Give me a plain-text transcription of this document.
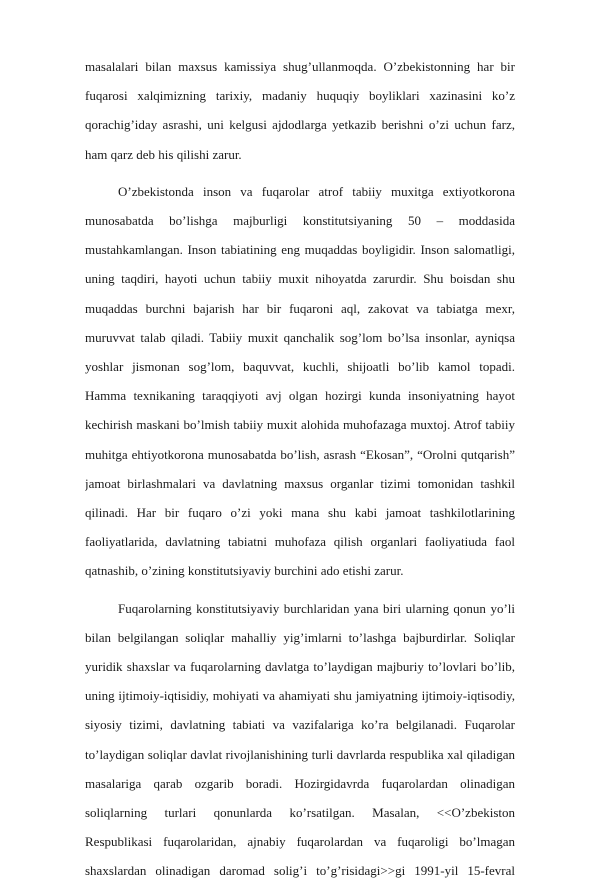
masalalari bilan maxsus kamissiya shug’ullanmoqda. O’zbekistonning har bir
fuqarosi xalqimizning tarixiy, madaniy huquqiy boyliklari xazinasini ko’z
qorachig’iday asrashi, uni kelgusi ajdodlarga yetkazib berishni o’zi uchun farz,
ham qarz deb his qilishi zarur.
O’zbekistonda inson va fuqarolar atrof tabiiy muxitga extiyotkorona
munosabatda bo’lishga majburligi konstitutsiyaning 50 – moddasida
mustahkamlangan. Inson tabiatining eng muqaddas boyligidir. Inson salomatligi,
uning taqdiri, hayoti uchun tabiiy muxit nihoyatda zarurdir. Shu boisdan shu
muqaddas burchni bajarish har bir fuqaroni aql, zakovat va tabiatga mexr,
muruvvat talab qiladi. Tabiiy muxit qanchalik sog’lom bo’lsa insonlar, ayniqsa
yoshlar jismonan sog’lom, baquvvat, kuchli, shijoatli bo’lib kamol topadi.
Hamma texnikaning taraqqiyoti avj olgan hozirgi kunda insoniyatning hayot
kechirish maskani bo’lmish tabiiy muxit alohida muhofazaga muxtoj. Atrof tabiiy
muhitga ehtiyotkorona munosabatda bo’lish, asrash “Ekosan”, “Orolni qutqarish”
jamoat birlashmalari va davlatning maxsus organlar tizimi tomonidan tashkil
qilinadi. Har bir fuqaro o’zi yoki mana shu kabi jamoat tashkilotlarining
faoliyatlarida, davlatning tabiatni muhofaza qilish organlari faoliyatiuda faol
qatnashib, o’zining konstitutsiyaviy burchini ado etishi zarur.
Fuqarolarning konstitutsiyaviy burchlaridan yana biri ularning qonun yo’li
bilan belgilangan soliqlar mahalliy yig’imlarni to’lashga bajburdirlar. Soliqlar
yuridik shaxslar va fuqarolarning davlatga to’laydigan majburiy to’lovlari bo’lib,
uning ijtimoiy-iqtisidiy, mohiyati va ahamiyati shu jamiyatning ijtimoiy-iqtisodiy,
siyosiy tizimi, davlatning tabiati va vazifalariga ko’ra belgilanadi. Fuqarolar
to’laydigan soliqlar davlat rivojlanishining turli davrlarda respublika xal qiladigan
masalariga qarab ozgarib boradi. Hozirgidavrda fuqarolardan olinadigan
soliqlarning turlari qonunlarda ko’rsatilgan. Masalan, <<O’zbekiston
Respublikasi fuqarolaridan, ajnabiy fuqarolardan va fuqaroligi bo’lmagan
shaxslardan olinadigan daromad solig’i to’g’risidagi>>gi 1991-yil 15-fevral
